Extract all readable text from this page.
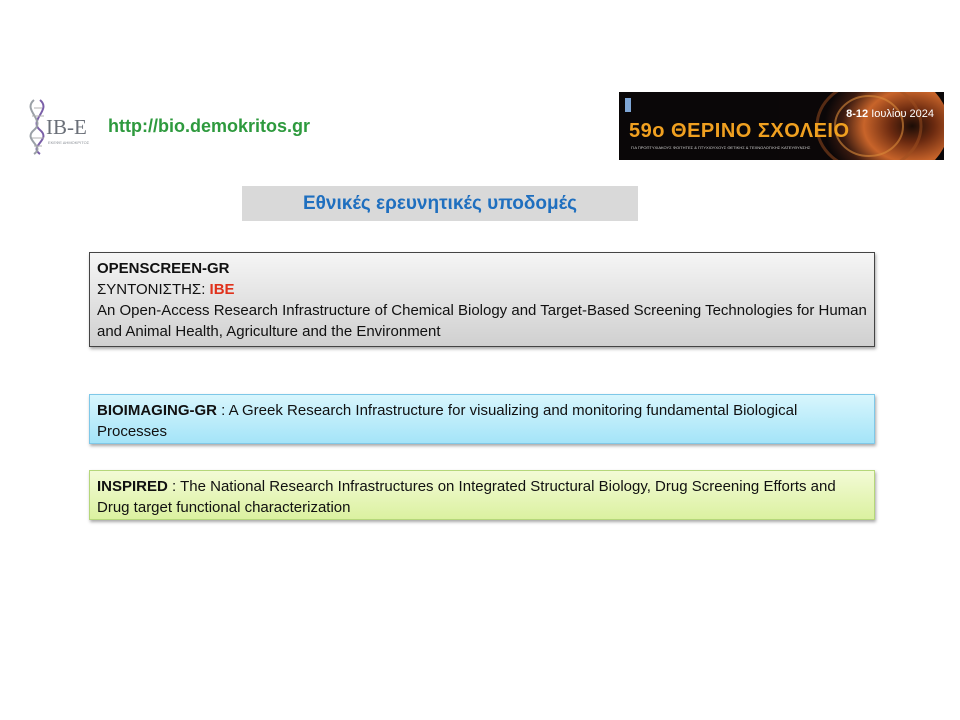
IB-E
ΕΚΕΦΕ ΔΗΜΟΚΡΙΤΟΣ
http://bio.demokritos.gr
8-12 Ιουλίου 2024
59ο ΘΕΡΙΝΟ ΣΧΟΛΕΙΟ
ΓΙΑ ΠΡΟΠΤΥΧΙΑΚΟΥΣ ΦΟΙΤΗΤΕΣ & ΠΤΥΧΙΟΥΧΟΥΣ ΘΕΤΙΚΗΣ & ΤΕΧΝΟΛΟΓΙΚΗΣ ΚΑΤΕΥΘΥΝΣΗΣ
Εθνικές ερευνητικές υποδομές
OPENSCREEN-GR
ΣΥΝΤΟΝΙΣΤΗΣ: IBE
An Open-Access Research Infrastructure of Chemical Biology and Target-Based Screening Technologies for Human and Animal Health, Agriculture and the Environment
BIOIMAGING-GR : A Greek Research Infrastructure for visualizing and monitoring fundamental Biological Processes
INSPIRED : The National Research Infrastructures on Integrated Structural Biology, Drug Screening Efforts and Drug target functional characterization
